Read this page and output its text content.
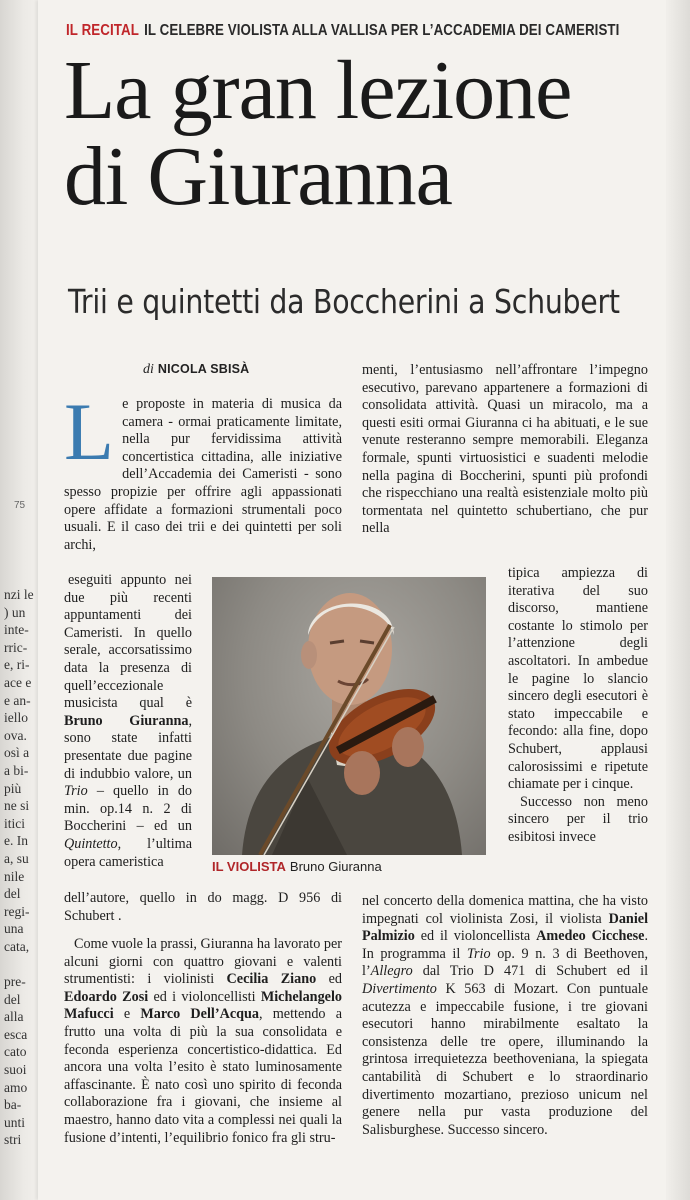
nzi le
) un
inte-
rric-
e, ri-
ace e
e an-
iello
ova.
osì a
a bi-
più
ne si
itici
e. In
a, su
nile
del
regi-
una
cata,
pre-
del
alla
esca
cato
suoi
amo
ba-
unti
stri
75
IL RECITAL IL CELEBRE VIOLISTA ALLA VALLISA PER L’ACCADEMIA DEI CAMERISTI
La gran lezione
di Giuranna
Trii e quintetti da Boccherini a Schubert
di NICOLA SBISÀ

Le proposte in materia di musica da camera - ormai praticamente limitate, nella pur fervidissima attività concertistica cittadina, alle iniziative dell’Accademia dei Cameristi - sono spesso propizie per offrire agli appassionati opere affidate a formazioni strumentali poco usuali. E il caso dei trii e dei quintetti per soli archi,

eseguiti appunto nei due più recenti appuntamenti dei Cameristi. In quello serale, accorsatissimo data la presenza di quell’eccezionale musicista qual è Bruno Giuranna, sono state infatti presentate due pagine di indubbio valore, un Trio – quello in do min. op.14 n. 2 di Boccherini – ed un Quintetto, l’ultima opera cameristica

dell’autore, quello in do magg. D 956 di Schubert .

Come vuole la prassi, Giuranna ha lavorato per alcuni giorni con quattro giovani e valenti strumentisti: i violinisti Cecilia Ziano ed Edoardo Zosi ed i violoncellisti Michelangelo Mafucci e Marco Dell’Acqua, mettendo a frutto una volta di più la sua consolidata e feconda esperienza concertistico-didattica. Ed ancora una volta l’esito è stato luminosamente affascinante. È nato così uno spirito di feconda collaborazione fra i giovani, che insieme al maestro, hanno dato vita a complessi nei quali la fusione d’intenti, l’equilibrio fonico fra gli stru-

menti, l’entusiasmo nell’affrontare l’impegno esecutivo, parevano appartenere a formazioni di consolidata attività. Quasi un miracolo, ma a questi esiti ormai Giuranna ci ha abituati, e le sue venute resteranno sempre memorabili. Eleganza formale, spunti virtuosistici e suadenti melodie nella pagina di Boccherini, spunti più profondi che rispecchiano una realtà esistenziale molto più tormentata nel quintetto schubertiano, che pur nella

tipica ampiezza di iterativa del suo discorso, mantiene costante lo stimolo per l’attenzione degli ascoltatori. In ambedue le pagine lo slancio sincero degli esecutori è stato impeccabile e fecondo: alla fine, dopo Schubert, applausi calorosissimi e ripetute chiamate per i cinque.

Successo non meno sincero per il trio esibitosi invece

nel concerto della domenica mattina, che ha visto impegnati col violinista Zosi, il violista Daniel Palmizio ed il violoncellista Amedeo Cicchese. In programma il Trio op. 9 n. 3 di Beethoven, l’Allegro dal Trio D 471 di Schubert ed il Divertimento K 563 di Mozart. Con puntuale acutezza e impeccabile fusione, i tre giovani esecutori hanno mirabilmente esaltato la consistenza delle tre opere, illuminando la grintosa irrequietezza beethoveniana, la spiegata cantabilità di Schubert e lo straordinario divertimento mozartiano, prezioso unicum nel genere nella pur vasta produzione del Salisburghese. Successo sincero.

IL VIOLISTA Bruno Giuranna
